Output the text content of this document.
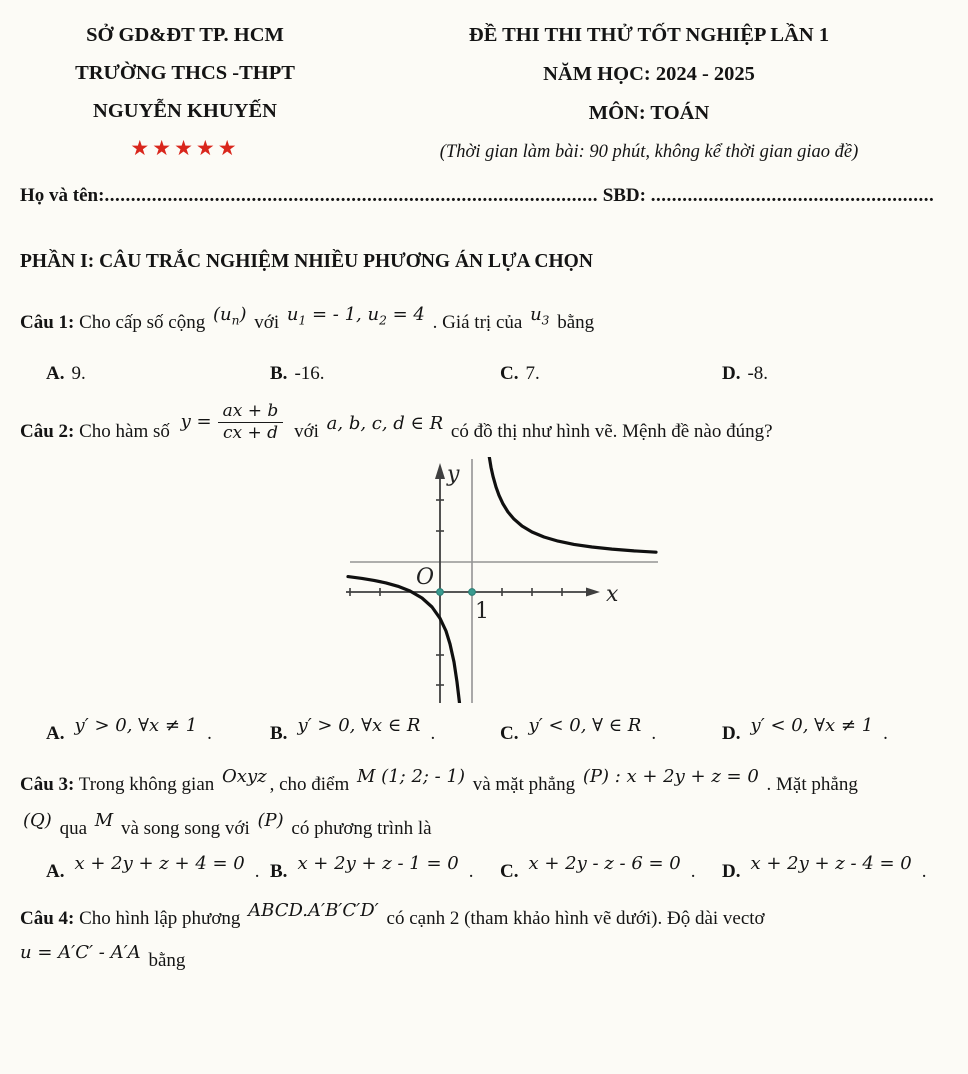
SỞ GD&ĐT TP. HCM
TRƯỜNG THCS -THPT
NGUYỄN KHUYẾN
★★★★★
ĐỀ THI THI THỬ TỐT NGHIỆP LẦN 1
NĂM HỌC: 2024 - 2025
MÔN: TOÁN
(Thời gian làm bài: 90 phút, không kể thời gian giao đề)
Họ và tên:.............................................................................................. SBD: ......................................................
PHẦN I: CÂU TRẮC NGHIỆM NHIỀU PHƯƠNG ÁN LỰA CHỌN
Câu 1: Cho cấp số cộng $(u_n)$ với $u_1$ = - 1, $u_2 = 4$ . Giá trị của $u_3$ bằng
A. 9.	B. -16.	C. 7.	D. -8.
Câu 2: Cho hàm số $y = \frac{ax + b}{cx + d}$ với a, b, c, d ∈ R có đồ thị như hình vẽ. Mệnh đề nào đúng?
O
1
y
x
A. y′ > 0, ∀x ≠ 1 .	B. y′ > 0, ∀x ∈ R .	C. y′ < 0, ∀ ∈ R .	D. y′ < 0, ∀x ≠ 1 .
Câu 3: Trong không gian Oxyz , cho điểm M (1; 2; - 1) và mặt phẳng (P) : x + 2y + z = 0 . Mặt phẳng
(Q) qua M và song song với (P) có phương trình là
A. x + 2y + z + 4 = 0 . B. x + 2y + z - 1 = 0 .	C. x + 2y - z - 6 = 0 .	D. x + 2y + z - 4 = 0 .
Câu 4: Cho hình lập phương ABCD.A′B′C′D′ có cạnh 2 (tham khảo hình vẽ dưới). Độ dài vectơ
u = A′C′ - A′A bằng
